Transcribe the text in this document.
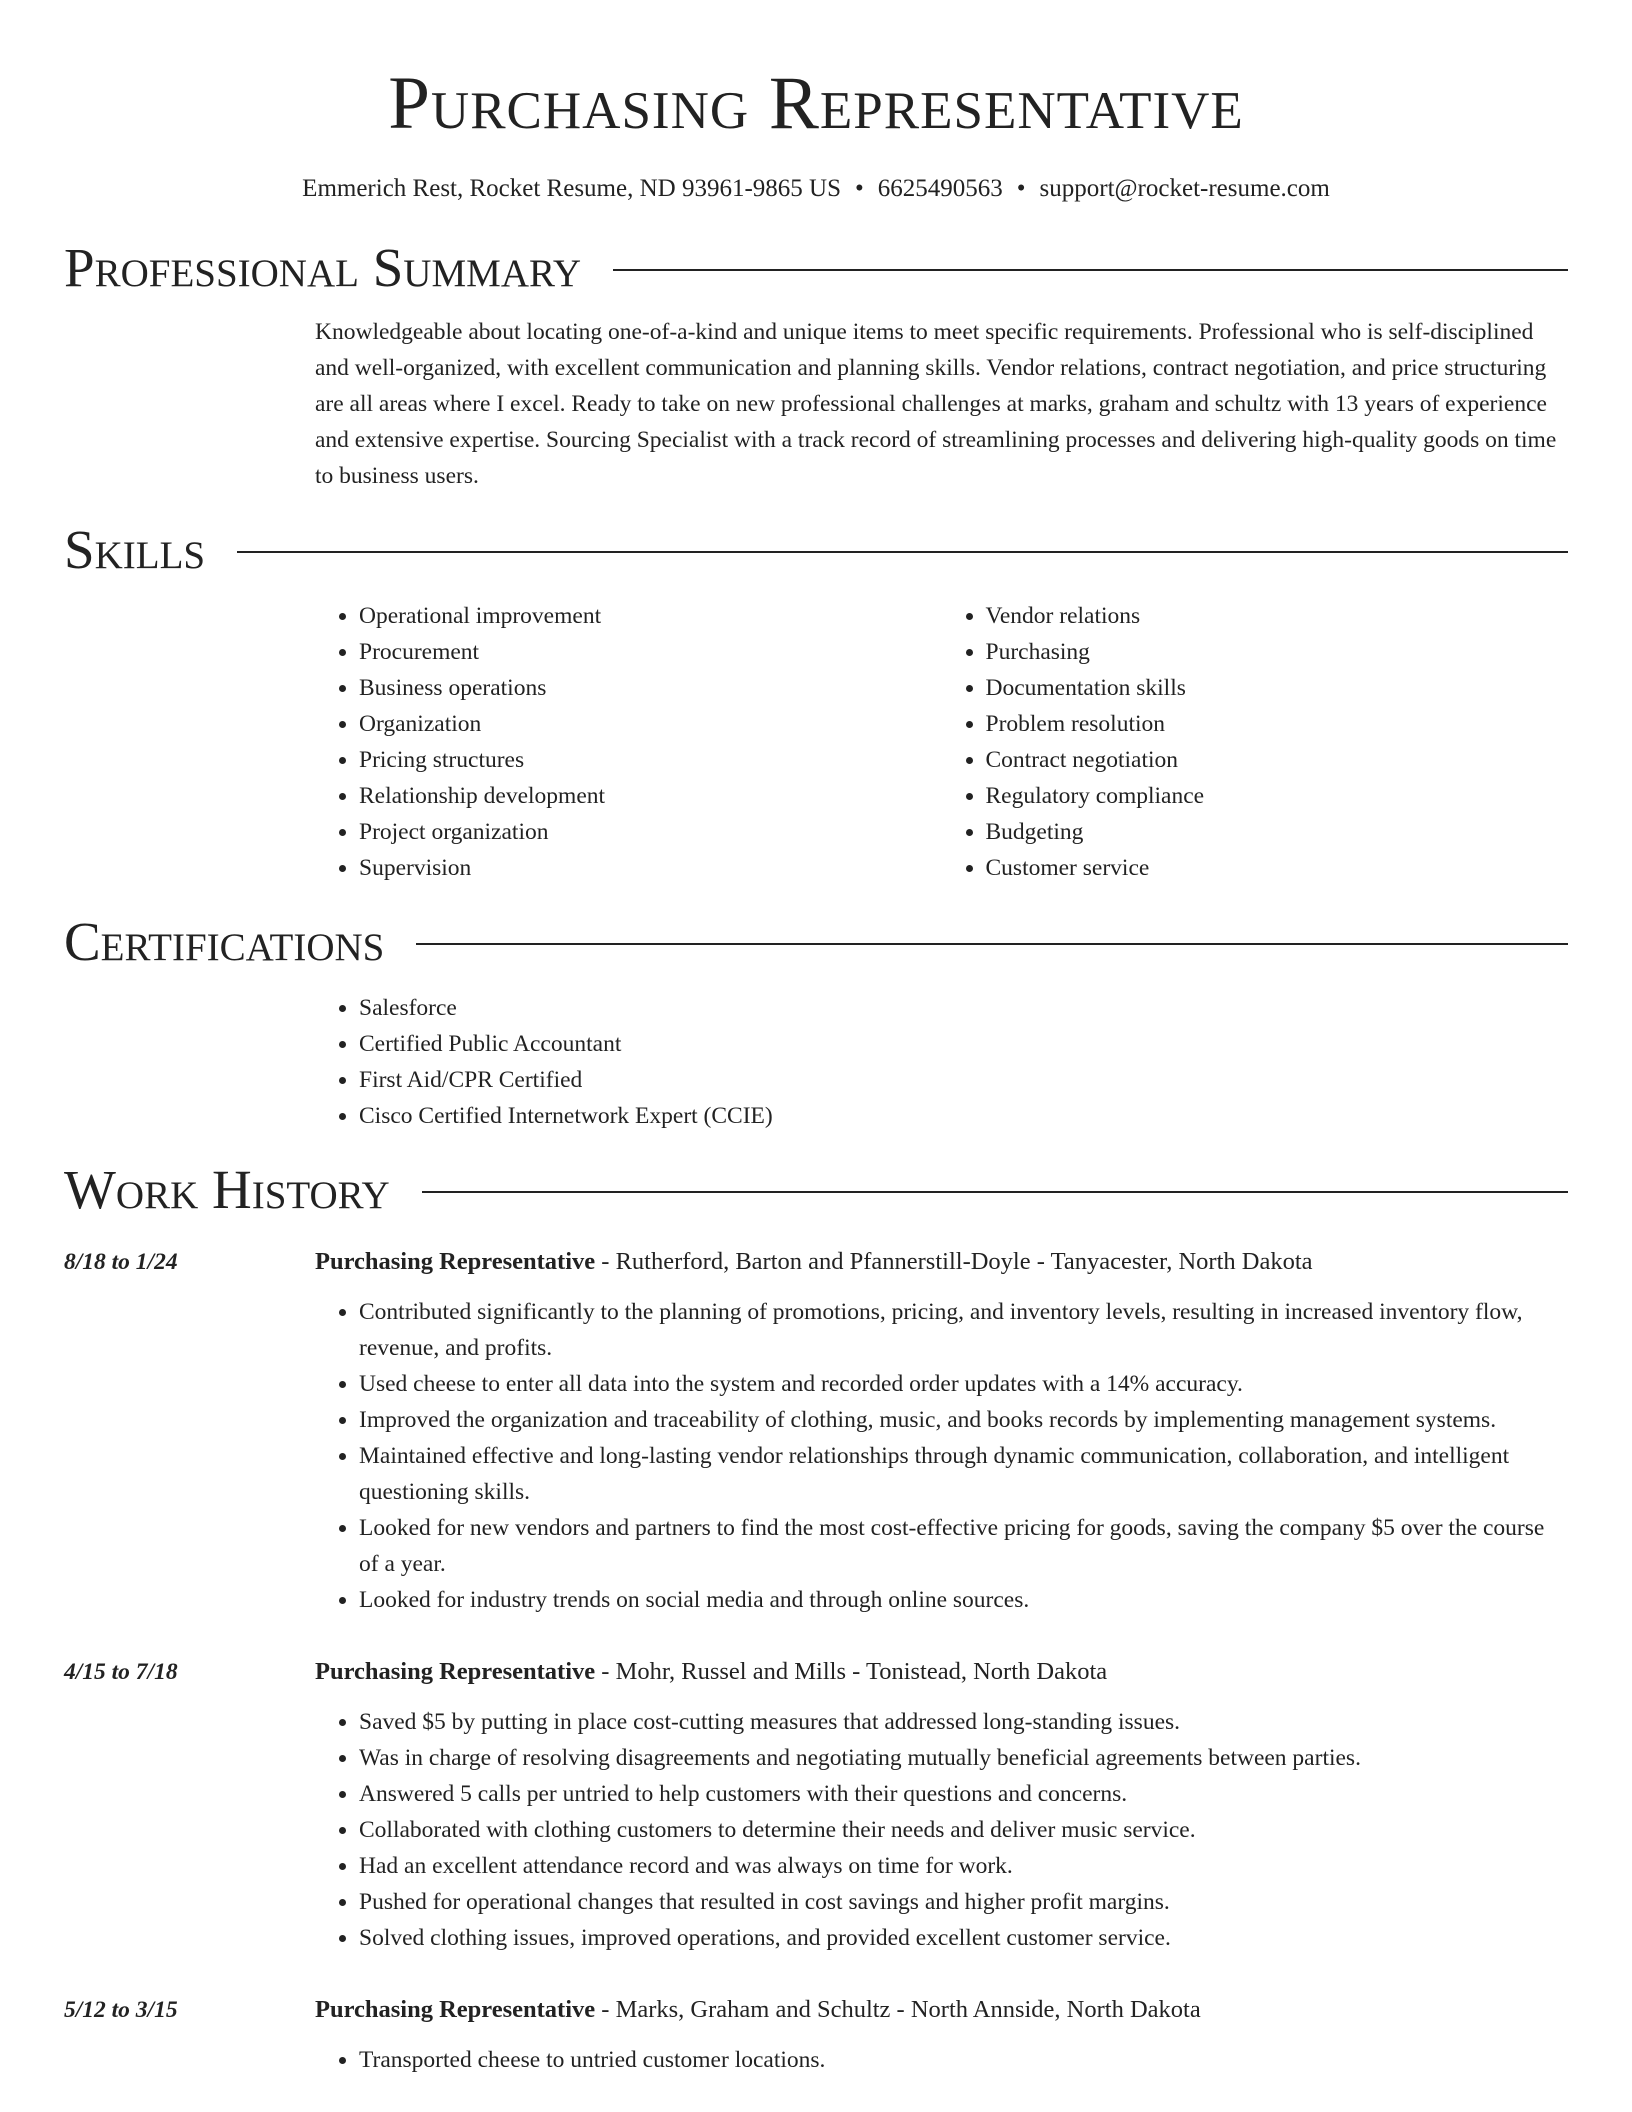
Purchasing Representative
Emmerich Rest, Rocket Resume, ND 93961-9865 US • 6625490563 • support@rocket-resume.com
Professional Summary
Knowledgeable about locating one-of-a-kind and unique items to meet specific requirements. Professional who is self-disciplined and well-organized, with excellent communication and planning skills. Vendor relations, contract negotiation, and price structuring are all areas where I excel. Ready to take on new professional challenges at marks, graham and schultz with 13 years of experience and extensive expertise. Sourcing Specialist with a track record of streamlining processes and delivering high-quality goods on time to business users.
Skills
• Operational improvement
• Procurement
• Business operations
• Organization
• Pricing structures
• Relationship development
• Project organization
• Supervision
• Vendor relations
• Purchasing
• Documentation skills
• Problem resolution
• Contract negotiation
• Regulatory compliance
• Budgeting
• Customer service
Certifications
• Salesforce
• Certified Public Accountant
• First Aid/CPR Certified
• Cisco Certified Internetwork Expert (CCIE)
Work History
8/18 to 1/24	Purchasing Representative - Rutherford, Barton and Pfannerstill-Doyle - Tanyacester, North Dakota
• Contributed significantly to the planning of promotions, pricing, and inventory levels, resulting in increased inventory flow, revenue, and profits.
• Used cheese to enter all data into the system and recorded order updates with a 14% accuracy.
• Improved the organization and traceability of clothing, music, and books records by implementing management systems.
• Maintained effective and long-lasting vendor relationships through dynamic communication, collaboration, and intelligent questioning skills.
• Looked for new vendors and partners to find the most cost-effective pricing for goods, saving the company $5 over the course of a year.
• Looked for industry trends on social media and through online sources.
4/15 to 7/18	Purchasing Representative - Mohr, Russel and Mills - Tonistead, North Dakota
• Saved $5 by putting in place cost-cutting measures that addressed long-standing issues.
• Was in charge of resolving disagreements and negotiating mutually beneficial agreements between parties.
• Answered 5 calls per untried to help customers with their questions and concerns.
• Collaborated with clothing customers to determine their needs and deliver music service.
• Had an excellent attendance record and was always on time for work.
• Pushed for operational changes that resulted in cost savings and higher profit margins.
• Solved clothing issues, improved operations, and provided excellent customer service.
5/12 to 3/15	Purchasing Representative - Marks, Graham and Schultz - North Annside, North Dakota
• Transported cheese to untried customer locations.
